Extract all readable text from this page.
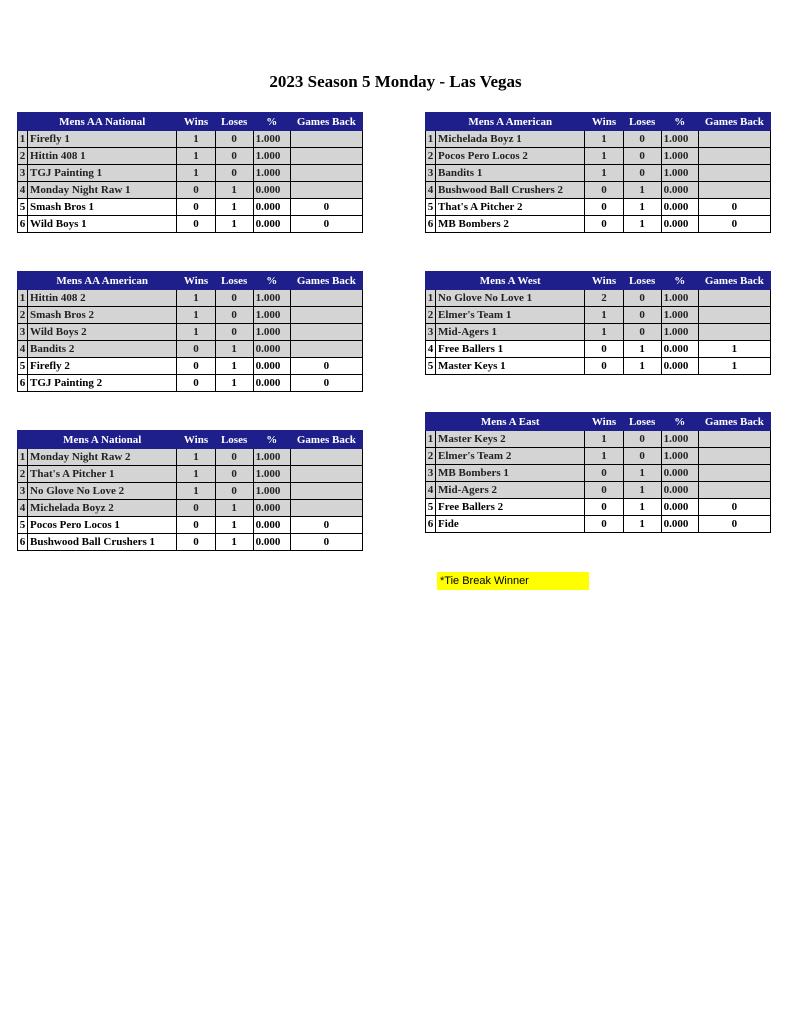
2023 Season 5 Monday - Las Vegas
	Mens AA National	Wins	Loses	%	Games Back
1	Firefly 1	1	0	1.000	
2	Hittin 408 1	1	0	1.000	
3	TGJ Painting 1	1	0	1.000	
4	Monday Night Raw 1	0	1	0.000	
5	Smash Bros 1	0	1	0.000	0
6	Wild Boys 1	0	1	0.000	0
	Mens A American	Wins	Loses	%	Games Back
1	Michelada Boyz 1	1	0	1.000	
2	Pocos Pero Locos 2	1	0	1.000	
3	Bandits 1	1	0	1.000	
4	Bushwood Ball Crushers 2	0	1	0.000	
5	That's A Pitcher 2	0	1	0.000	0
6	MB Bombers 2	0	1	0.000	0
	Mens AA American	Wins	Loses	%	Games Back
1	Hittin 408 2	1	0	1.000	
2	Smash Bros 2	1	0	1.000	
3	Wild Boys 2	1	0	1.000	
4	Bandits 2	0	1	0.000	
5	Firefly 2	0	1	0.000	0
6	TGJ Painting 2	0	1	0.000	0
	Mens A West	Wins	Loses	%	Games Back
1	No Glove No Love 1	2	0	1.000	
2	Elmer's Team 1	1	0	1.000	
3	Mid-Agers 1	1	0	1.000	
4	Free Ballers 1	0	1	0.000	1
5	Master Keys 1	0	1	0.000	1
	Mens A National	Wins	Loses	%	Games Back
1	Monday Night Raw 2	1	0	1.000	
2	That's A Pitcher 1	1	0	1.000	
3	No Glove No Love 2	1	0	1.000	
4	Michelada Boyz 2	0	1	0.000	
5	Pocos Pero Locos 1	0	1	0.000	0
6	Bushwood Ball Crushers 1	0	1	0.000	0
	Mens A East	Wins	Loses	%	Games Back
1	Master Keys 2	1	0	1.000	
2	Elmer's Team 2	1	0	1.000	
3	MB Bombers 1	0	1	0.000	
4	Mid-Agers 2	0	1	0.000	
5	Free Ballers 2	0	1	0.000	0
6	Fide	0	1	0.000	0
*Tie Break Winner
